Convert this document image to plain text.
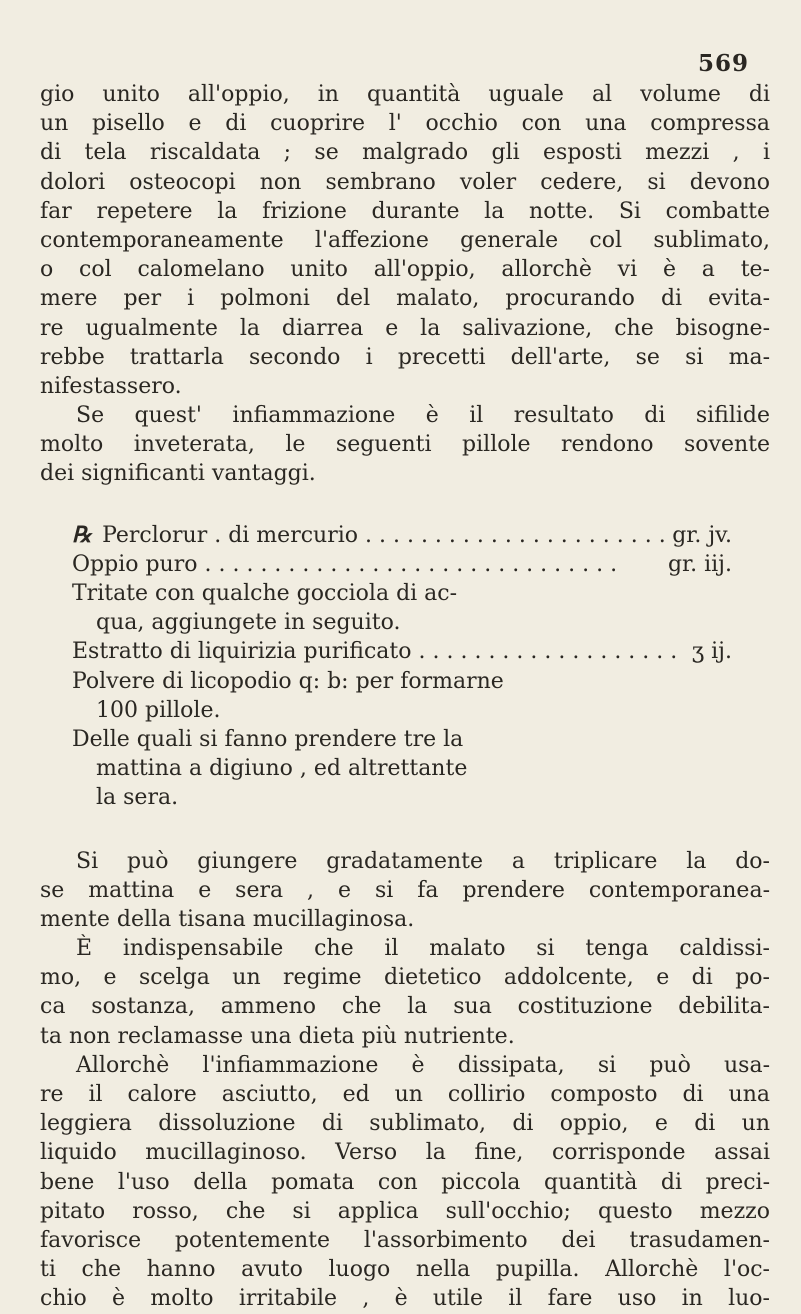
569
gio unito all'oppio, in quantità uguale al volume di
un pisello e di cuoprire l' occhio con una compressa
di tela riscaldata ; se malgrado gli esposti mezzi , i
dolori osteocopi non sembrano voler cedere, si devono
far repetere la frizione durante la notte. Si combatte
contemporaneamente l'affezione generale col sublimato,
o col calomelano unito all'oppio, allorchè vi è a te-
mere per i polmoni del malato, procurando di evita-
re ugualmente la diarrea e la salivazione, che bisogne-
rebbe trattarla secondo i precetti dell'arte, se si ma-
nifestassero.
Se quest' infiammazione è il resultato di sifilide
molto inveterata, le seguenti pillole rendono sovente
dei significanti vantaggi.
℞ Perclorur . di mercurio . . .	gr. jv.
Oppio puro . . .	gr. iij.
Tritate con qualche gocciola di ac-
qua, aggiungete in seguito.
Estratto di liquirizia purificato . . .	ʒ ij.
Polvere di licopodio q: b: per formarne
100 pillole.
Delle quali si fanno prendere tre la
mattina a digiuno , ed altrettante
la sera.
Si può giungere gradatamente a triplicare la do-
se mattina e sera , e si fa prendere contemporanea-
mente della tisana mucillaginosa.
È indispensabile che il malato si tenga caldissi-
mo, e scelga un regime dietetico addolcente, e di po-
ca sostanza, ammeno che la sua costituzione debilita-
ta non reclamasse una dieta più nutriente.
Allorchè l'infiammazione è dissipata, si può usa-
re il calore asciutto, ed un collirio composto di una
leggiera dissoluzione di sublimato, di oppio, e di un
liquido mucillaginoso. Verso la fine, corrisponde assai
bene l'uso della pomata con piccola quantità di preci-
pitato rosso, che si applica sull'occhio; questo mezzo
favorisce potentemente l'assorbimento dei trasudamen-
ti che hanno avuto luogo nella pupilla. Allorchè l'oc-
chio è molto irritabile , è utile il fare uso in luo-
